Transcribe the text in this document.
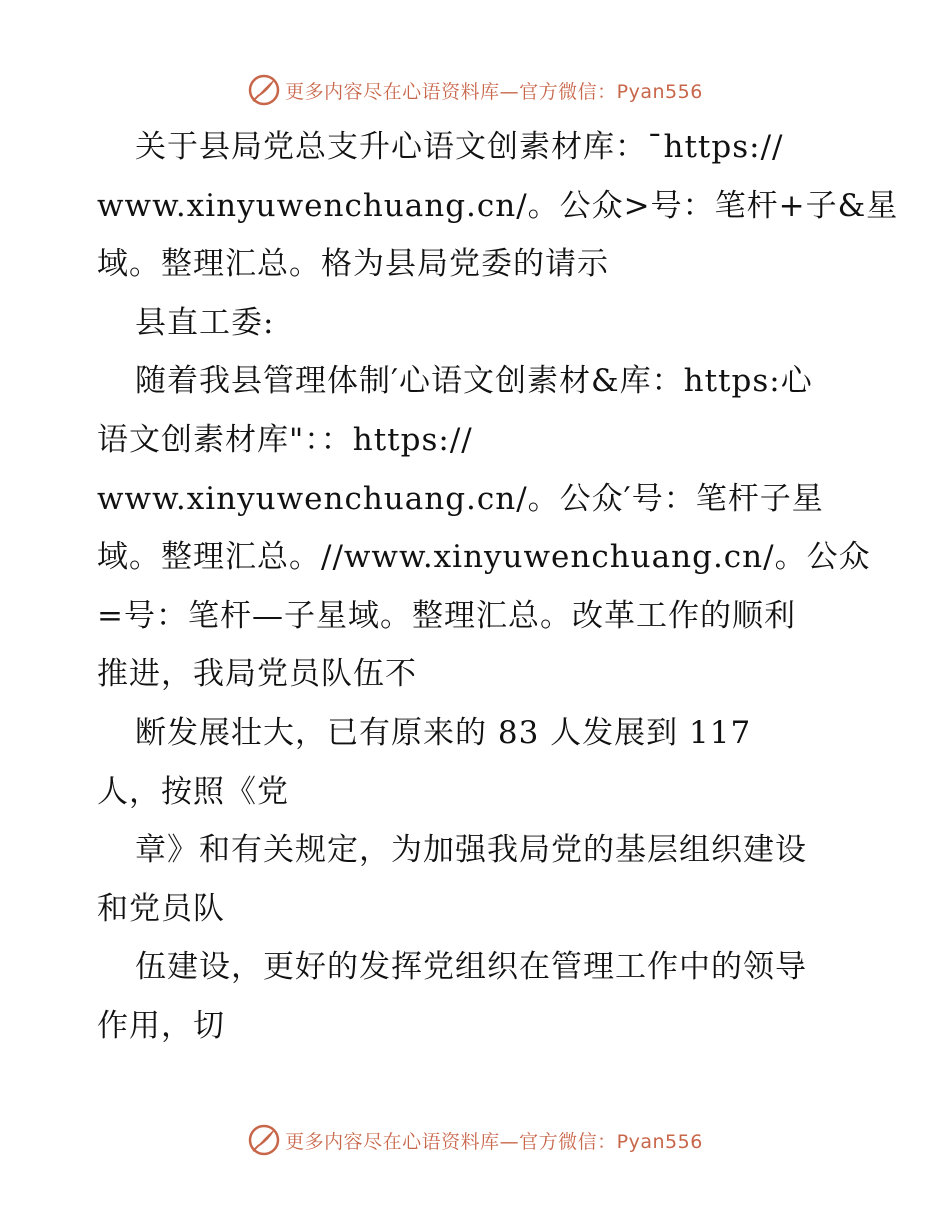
更多内容尽在心语资料库—官方微信：Pyan556
关于县局党总支升心语文创素材库：¯https://
www.xinyuwenchuang.cn/。公众>号：笔杆+子&星
域。整理汇总。格为县局党委的请示
县直工委:
随着我县管理体制′心语文创素材&库：https:心
语文创素材库"：：https://
www.xinyuwenchuang.cn/。公众′号：笔杆子星
域。整理汇总。//www.xinyuwenchuang.cn/。公众
=号：笔杆—子星域。整理汇总。改革工作的顺利
推进，我局党员队伍不
断发展壮大，已有原来的 83 人发展到 117
人，按照《党
章》和有关规定，为加强我局党的基层组织建设
和党员队
伍建设，更好的发挥党组织在管理工作中的领导
作用，切
更多内容尽在心语资料库—官方微信：Pyan556
